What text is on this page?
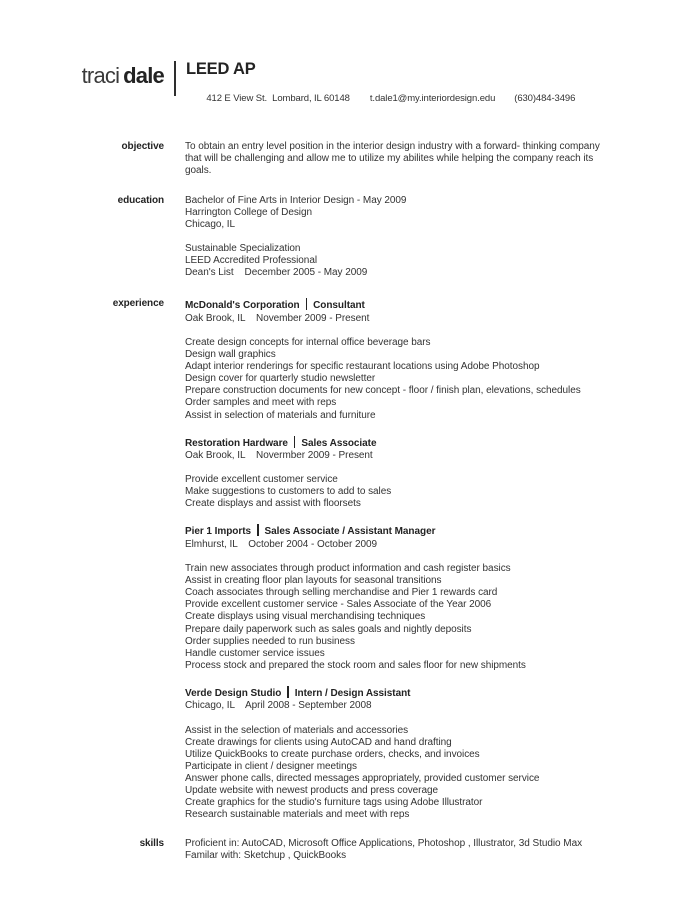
traci dale LEED AP

412 E View St.  Lombard, IL 60148 t.dale1@my.interiordesign.edu (630)484-3496

objective To obtain an entry level position in the interior design industry with a forward- thinking company that will be challenging and allow me to utilize my abilites while helping the company reach its goals.
education Bachelor of Fine Arts in Interior Design - May 2009
Harrington College of Design
Chicago, IL
Sustainable Specialization
LEED Accredited Professional
Dean's List    December 2005 - May 2009
experience McDonald's Corporation Consultant
Oak Brook, IL    November 2009 - Present
Create design concepts for internal office beverage bars
Design wall graphics
Adapt interior renderings for specific restaurant locations using Adobe Photoshop
Design cover for quarterly studio newsletter
Prepare construction documents for new concept - floor / finish plan, elevations, schedules
Order samples and meet with reps
Assist in selection of materials and furniture
Restoration Hardware Sales Associate
Oak Brook, IL    Novermber 2009 - Present
Provide excellent customer service
Make suggestions to customers to add to sales
Create displays and assist with floorsets
Pier 1 Imports Sales Associate / Assistant Manager
Elmhurst, IL    October 2004 - October 2009
Train new associates through product information and cash register basics
Assist in creating floor plan layouts for seasonal transitions
Coach associates through selling merchandise and Pier 1 rewards card
Provide excellent customer service - Sales Associate of the Year 2006
Create displays using visual merchandising techniques
Prepare daily paperwork such as sales goals and nightly deposits
Order supplies needed to run business
Handle customer service issues
Process stock and prepared the stock room and sales floor for new shipments
Verde Design Studio Intern / Design Assistant
Chicago, IL    April 2008 - September 2008
Assist in the selection of materials and accessories
Create drawings for clients using AutoCAD and hand drafting
Utilize QuickBooks to create purchase orders, checks, and invoices
Participate in client / designer meetings
Answer phone calls, directed messages appropriately, provided customer service
Update website with newest products and press coverage
Create graphics for the studio's furniture tags using Adobe Illustrator
Research sustainable materials and meet with reps
skills Proficient in: AutoCAD, Microsoft Office Applications, Photoshop , Illustrator, 3d Studio Max
Familar with: Sketchup , QuickBooks
